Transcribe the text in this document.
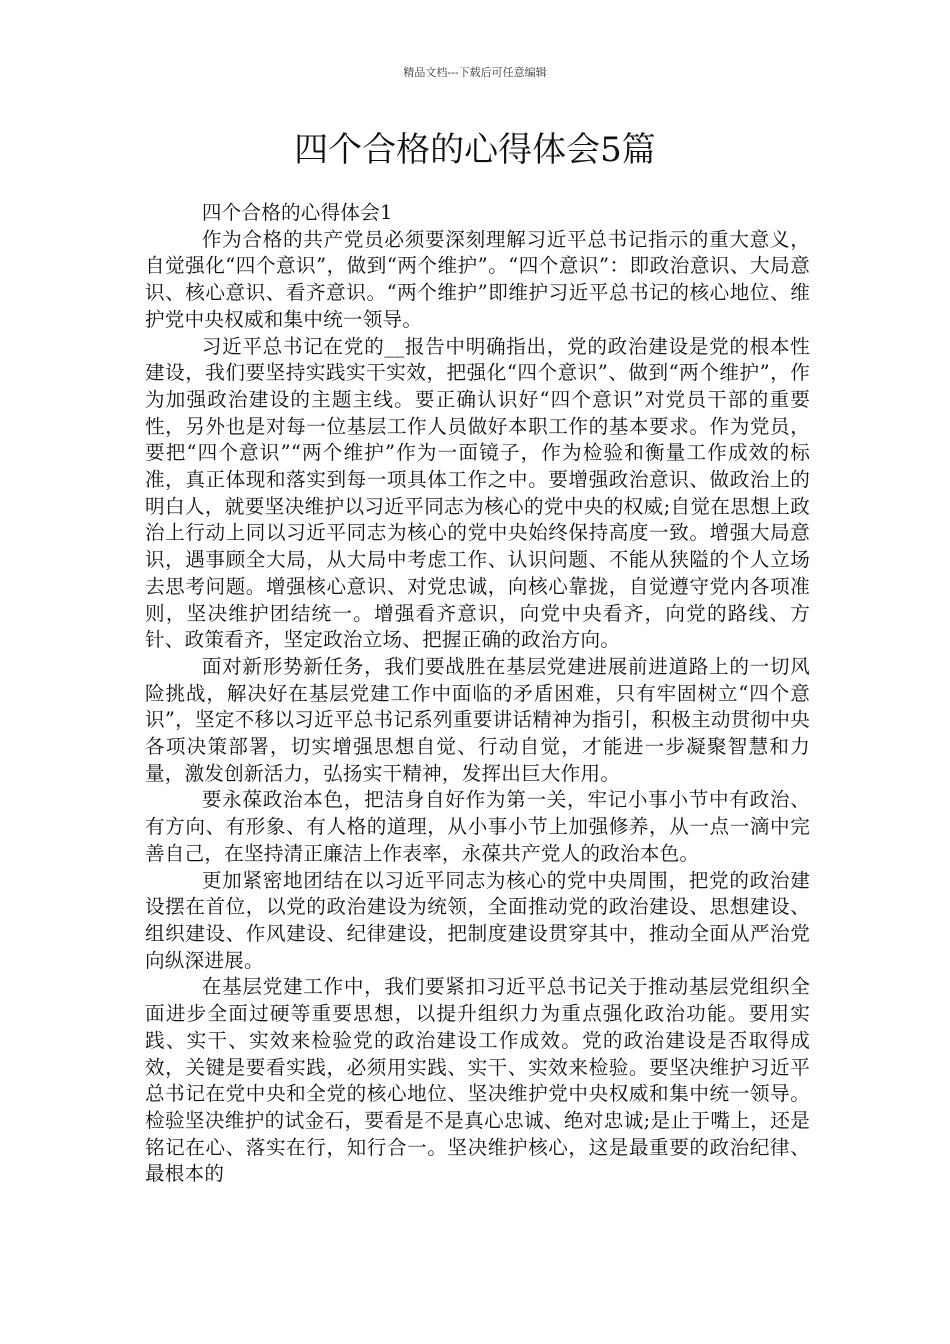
精品文档---下载后可任意编辑
四个合格的心得体会5篇

四个合格的心得体会1

作为合格的共产党员必须要深刻理解习近平总书记指示的重大意义，自觉强化“四个意识”，做到“两个维护”。“四个意识”：即政治意识、大局意识、核心意识、看齐意识。“两个维护”即维护习近平总书记的核心地位、维护党中央权威和集中统一领导。

习近平总书记在党的__报告中明确指出，党的政治建设是党的根本性建设，我们要坚持实践实干实效，把强化“四个意识”、做到“两个维护”，作为加强政治建设的主题主线。要正确认识好“四个意识”对党员干部的重要性，另外也是对每一位基层工作人员做好本职工作的基本要求。作为党员，要把“四个意识”“两个维护”作为一面镜子，作为检验和衡量工作成效的标准，真正体现和落实到每一项具体工作之中。要增强政治意识、做政治上的明白人，就要坚决维护以习近平同志为核心的党中央的权威;自觉在思想上政治上行动上同以习近平同志为核心的党中央始终保持高度一致。增强大局意识，遇事顾全大局，从大局中考虑工作、认识问题、不能从狭隘的个人立场去思考问题。增强核心意识、对党忠诚，向核心靠拢，自觉遵守党内各项准则，坚决维护团结统一。增强看齐意识，向党中央看齐，向党的路线、方针、政策看齐，坚定政治立场、把握正确的政治方向。

面对新形势新任务，我们要战胜在基层党建进展前进道路上的一切风险挑战，解决好在基层党建工作中面临的矛盾困难，只有牢固树立“四个意识”，坚定不移以习近平总书记系列重要讲话精神为指引，积极主动贯彻中央各项决策部署，切实增强思想自觉、行动自觉，才能进一步凝聚智慧和力量，激发创新活力，弘扬实干精神，发挥出巨大作用。

要永葆政治本色，把洁身自好作为第一关，牢记小事小节中有政治、有方向、有形象、有人格的道理，从小事小节上加强修养，从一点一滴中完善自己，在坚持清正廉洁上作表率，永葆共产党人的政治本色。

更加紧密地团结在以习近平同志为核心的党中央周围，把党的政治建设摆在首位，以党的政治建设为统领，全面推动党的政治建设、思想建设、组织建设、作风建设、纪律建设，把制度建设贯穿其中，推动全面从严治党向纵深进展。

在基层党建工作中，我们要紧扣习近平总书记关于推动基层党组织全面进步全面过硬等重要思想，以提升组织力为重点强化政治功能。要用实践、实干、实效来检验党的政治建设工作成效。党的政治建设是否取得成效，关键是要看实践，必须用实践、实干、实效来检验。要坚决维护习近平总书记在党中央和全党的核心地位、坚决维护党中央权威和集中统一领导。检验坚决维护的试金石，要看是不是真心忠诚、绝对忠诚;是止于嘴上，还是铭记在心、落实在行，知行合一。坚决维护核心，这是最重要的政治纪律、最根本的
